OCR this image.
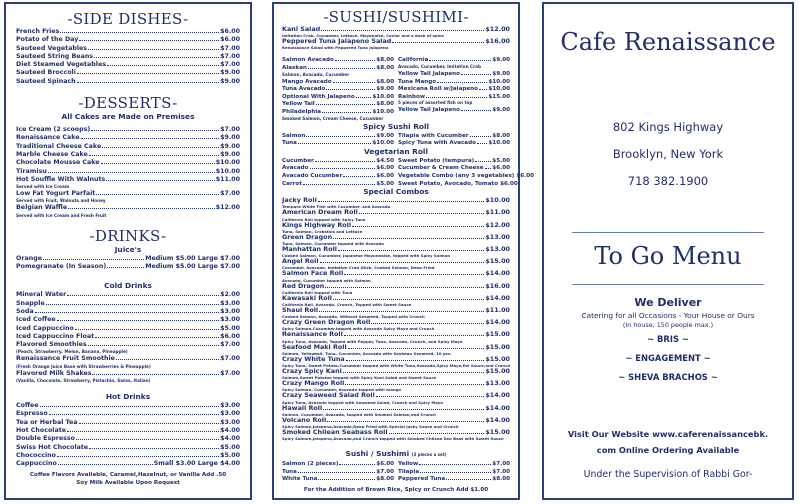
-SIDE DISHES-
French Fries	$6.00
Potato of the Day	$6.00
Sauteed Vegetables	$7.00
Sauteed String Beans	$7.00
Diet Steamed Vegetables	$7.00
Sauteed Broccoli	$9.00
Sauteed Spinach	$9.00
-DESSERTS-
All Cakes are Made on Premises
Ice Cream (2 scoops)	$7.00
Renaissance Cake	$9.00
Traditional Cheese Cake	$9.00
Marble Cheese Cake	$9.00
Chocolate Mousse Cake	$10.00
Tiramisu	$10.00
Hot Souffle With Walnuts	$11.00
Served with Ice Cream
Low Fat Yogurt Parfait	$7.00
Served with Fruit, Walnuts and Honey
Belgian Waffle	$12.00
Served with Ice Cream and Fresh Fruit
-DRINKS-
Juice's
Orange	Medium $5.00 Large $7.00
Pomegranate (In Season)	Medium $5.00 Large $7.00
Cold Drinks
Mineral Water	$2.00
Snapple	$3.00
Soda	$3.00
Iced Coffee	$3.00
Iced Cappuccino	$5.00
Iced Cappuccino Float	$6.00
Flavored Smoothies	$7.00
(Peach, Strawberry, Melon, Banana, Pineapple)
Renaissance Fruit Smoothie	$7.00
(Fresh Orange Juice Base with Strawberries & Pineapple)
Flavored Milk Shakes	$7.00
(Vanilla, Chocolate, Strawberry, Pistachio, Swiss, Italian)
Hot Drinks
Coffee	$3.00
Espresso	$3.00
Tea or Herbal Tea	$3.00
Hot Chocolate	$4.00
Double Espresso	$4.00
Swiss Hot Chocolate	$5.00
Chococcino	$5.00
Cappuccino	Small $3.00 Large $4.00
Coffee Flavors Available, Caramel,Hazelnut, or Vanilla Add .50
Soy Milk Available Upon Request
-SUSHI/SUSHIMI-
Kani Salad	$12.00
Imitation Crab, Cucumber, Lettuce, Mayonaise, Caviar and a dash of spice
Peppered Tuna Jalapeno Salad	$16.00
Renaissance Salad with Peppered Tuna Jalapeno
Salmon Avacado	$8.00
Alaskan	$8.00
Salmon, Avacado, Cucumber
Mango Avacado	$8.00
Tuna Avacado	$9.00
Optional With Jalapeno	$10.00
Yellow Tail	$8.00
Philadelphia	$10.00
Smoked Salmon, Cream Cheese, Cucumber
California	$9.00
Avacado, Cucumber, Imitation Crab
Yellow Tail Jalapeno	$9.00
Tuna Mango	$10.00
Mexicana Roll w/Jalapeno $10.00
Rainbow	$15.00
5 pieces of assorted fish on top
Yellow Tail Jalapeno	$9.00
Spicy Sushi Roll
Salmon	$9.00
Tuna	$10.00
Tilapia with Cucumber	$8.00
Spicy Tuna with Avacado $10.00
Vegetarian Roll
Cucumber	$4.50
Avacado	$6.00
Avacado Cucumber	$6.00
Carrot	$5.00
Sweet Potato (tempura)	$5.00
Cucumber & Cream Cheese $6.00
Vegetable Combo (any 3 vegetables) $6.00
Sweet Potato, Avocado, Tomato $6.00
Special Combos
Jacky Roll	$10.00
Tempura White Fish with Cucumber, and Avacado
American Dream Roll	$11.00
California Roll topped with Spicy Tuna
Kings Highway Roll	$12.00
Tuna, Salmon, Crabstick and Lettuce
Green Dragon	$13.00
Tuna, Salmon, Cucumber topped with Avacado
Manhattan Roll	$13.00
Cooked Salmon, Cucumber, Japanese Mayonnaise, topped with Spicy Salmon
Angel Roll	$15.00
Cucumber, Avacado, Imitation Crab Stick, Cooked Salmon, Deep Fried
Salmon Face Roll	$14.00
Avacado, Cucumber topped with Salmon
Red Dragon	$16.00
California Roll topped with Tuna
Kawasaki Roll	$14.00
California Roll, Avacado, Crunch, Topped with Sweet Sauce
Shaul Roll	$11.00
Cooked Salmon, Avacado, Without Seaweed, Topped with Crunch
Crazy Green Dragon Roll	$14.00
Spicy Salmon,Cucumber,topped with Avacado Spicy Mayo and Crunch
Renaissance Roll	$15.00
Spicy Tuna, Avacado, Topped with Pepper, Tuna, Avacado, Crunch, and Spicy Mayo
Seafood Maki Roll	$15.00
Salmon, Yellowtail, Tuna, Cucumber, Avacado with Soybean Seaweed, 10 pcs.
Crazy White Tuna	$15.00
Spicy Tuna, Sweet Potato,Cucumber topped with White Tuna,Avocado,Spicy Mayo,Eel Sauce,and Crunch
Crazy Spicy Kani	$15.00
Salmon,Sweet Potatoe topped with Spicy Kani Salad and Sweet Sauce
Crazy Mango Roll	$13.00
Spicy Salmon, Cucumber, Avacado topped with mango
Crazy Seaweed Salad Roll	$14.00
Spicy Tuna, Avacado topped with Seaweed Salad, Crunch and Spicy Mayo
Hawaii Roll	$14.00
Salmon, Cucumber, Avacado, topped with Smoked Salmon,and Crunch
Volcano Roll	$14.00
Spicy Salmon,Jalapeno,Avacado,Deep Fried with Special Jacky Sauce and Crunch
Smoked Chilean Seabass Roll	$15.00
Spicy Salmon,Jalapeno,Avocado,and Crunch topped with Smoked Chilean Sea Bass with Sweet Sauce
Sushi / Sushimi (2 pieces a set)
Salmon (2 pieces)	$6.00
Tuna	$7.00
White Tuna	$8.00
Yellow	$7.00
Tilapia	$7.00
Peppered Tuna	$8.00
For the Addition of Brown Rice, Spicy or Crunch Add $1.00
Cafe Renaissance
802 Kings Highway
Brooklyn, New York
718 382.1900
To Go Menu
We Deliver
Catering for all Occasions - Your House or Ours
(In house, 150 people max.)
~ BRIS ~
~ ENGAGEMENT ~
~ SHEVA BRACHOS ~
Visit Our Website www.caferenaissancebk.
com Online Ordering Available
Under the Supervision of Rabbi Gor-
